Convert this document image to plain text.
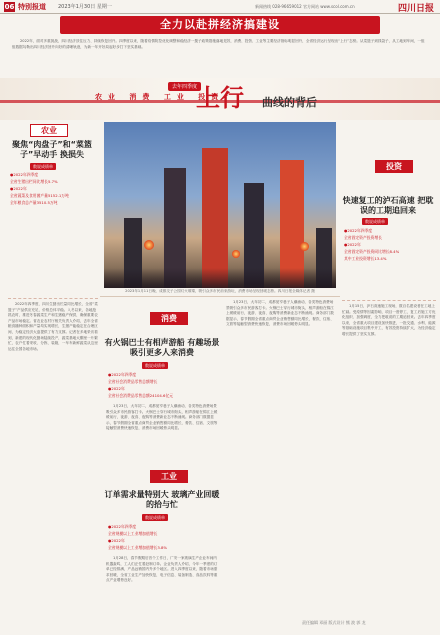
06 特别报道 2023年1月30日 星期一	新闻热线 028-96659012 官方网站 www.scol.com.cn	四川日报
全力以赴拼经济搞建设
2022年，面对多重挑战，四川经济顶住压力、持续恢复回升。四季度以来，随着疫情防控优化调整和稳经济一揽子政策措施落地见效，消费、投资、工业等主要经济指标明显回升，全省经济运行呈现出“上行”态势。从菜篮子到钱袋子，从工地到车间，一组组数据勾勒出四川经济回升向好的清晰轨迹，为新一年开好局起好步打下坚实基础。
农业 消费 工业 投资
去年四季度
上行 曲线的背后
2023年1月11日晚，成都交子公园灯火璀璨，吸引众多市民前来游玩，消费市场呈现回暖态势。四川日报全媒体记者 摄
农业
聚焦“肉盘子”和“菜篮子”早动手 换损失
数说成绩单
●2022年四季度
全省生猪出栏同比增长5.7%
●2022年
全省蔬菜及食用菌产量5152.1万吨
全年粮食总产量3510.5万吨
2022年四季度，四川生猪出栏量同比增长，全省“菜篮子”产品供应充足，价格总体平稳。入冬以来，各地抢抓农时，推进冬春蔬菜生产和生猪稳产保供，确保重要农产品市场稳定。省农业农村厅相关负责人介绍，去年全省粮食播种面积和产量均实现增长，生猪产能稳定在合理区间，为稳定经济大盘提供了有力支撑。记者在多地采访看到，新建的现代化猪场陆续投产，蔬菜基地大棚里一片繁忙，农户忙着采收、分拣、装箱，一车车新鲜蔬菜从这里运往全国各地市场。
投资
快速复工的泸石高速 把耽误的工期追回来
数说成绩单
●2022年四季度
全省固定资产投资增长
●2022年
全省固定资产投资同比增长8.4%
其中工业投资增长13.4%
1月15日，泸石高速施工现场，数百名建设者在工地上忙碌。受疫情等因素影响，项目一度停工，复工后施工方优化组织、加强调度，全力把耽误的工期追回来。去年四季度以来，全省重大项目建设加快推进，一批交通、水利、能源等基础设施项目集中开工，有效投资持续扩大，为经济稳定增长提供了坚实支撑。
消费
有火锅巴士有相声游船 有趣场景吸引更多人来消费
数说成绩单
●2022年四季度
全省社会消费品零售总额增长
●2022年
全省社会消费品零售总额24104.6亿元
1月23日，大年初二，成都宽窄巷子人潮涌动，各类特色消费场景吸引众多市民游客打卡。火锅巴士穿行城市街头，相声游船在锦江上缓缓前行，夜游、夜食、夜购等消费新业态不断涌现。商务部门数据显示，春节假期全省重点商贸企业销售额同比增长，餐饮、住宿、文旅等接触型消费快速恢复，消费市场回暖势头明显。
工业
订单需求量特别大 玻璃产业回暖的拾与忙
数说成绩单
●2022年四季度
全省规模以上工业增加值增长
●2022年
全省规模以上工业增加值增长3.8%
1月28日，春节假期后首个工作日，广安一家玻璃生产企业车间内机器轰鸣，工人们正忙着赶制订单。企业负责人介绍，今年一季度的订单已经排满，产品远销国内外多个地区。进入四季度以来，随着市场需求回暖，全省工业生产加快恢复，电子信息、装备制造、食品饮料等重点产业增势良好。
1月23日，大年初二，成都宽窄巷子人潮涌动，各类特色消费场景吸引众多市民游客打卡。火锅巴士穿行城市街头，相声游船在锦江上缓缓前行，夜游、夜食、夜购等消费新业态不断涌现。商务部门数据显示，春节假期全省重点商贸企业销售额同比增长，餐饮、住宿、文旅等接触型消费快速恢复，消费市场回暖势头明显。
责任编辑 邓丽 版式设计 熊 波 郭 龙
